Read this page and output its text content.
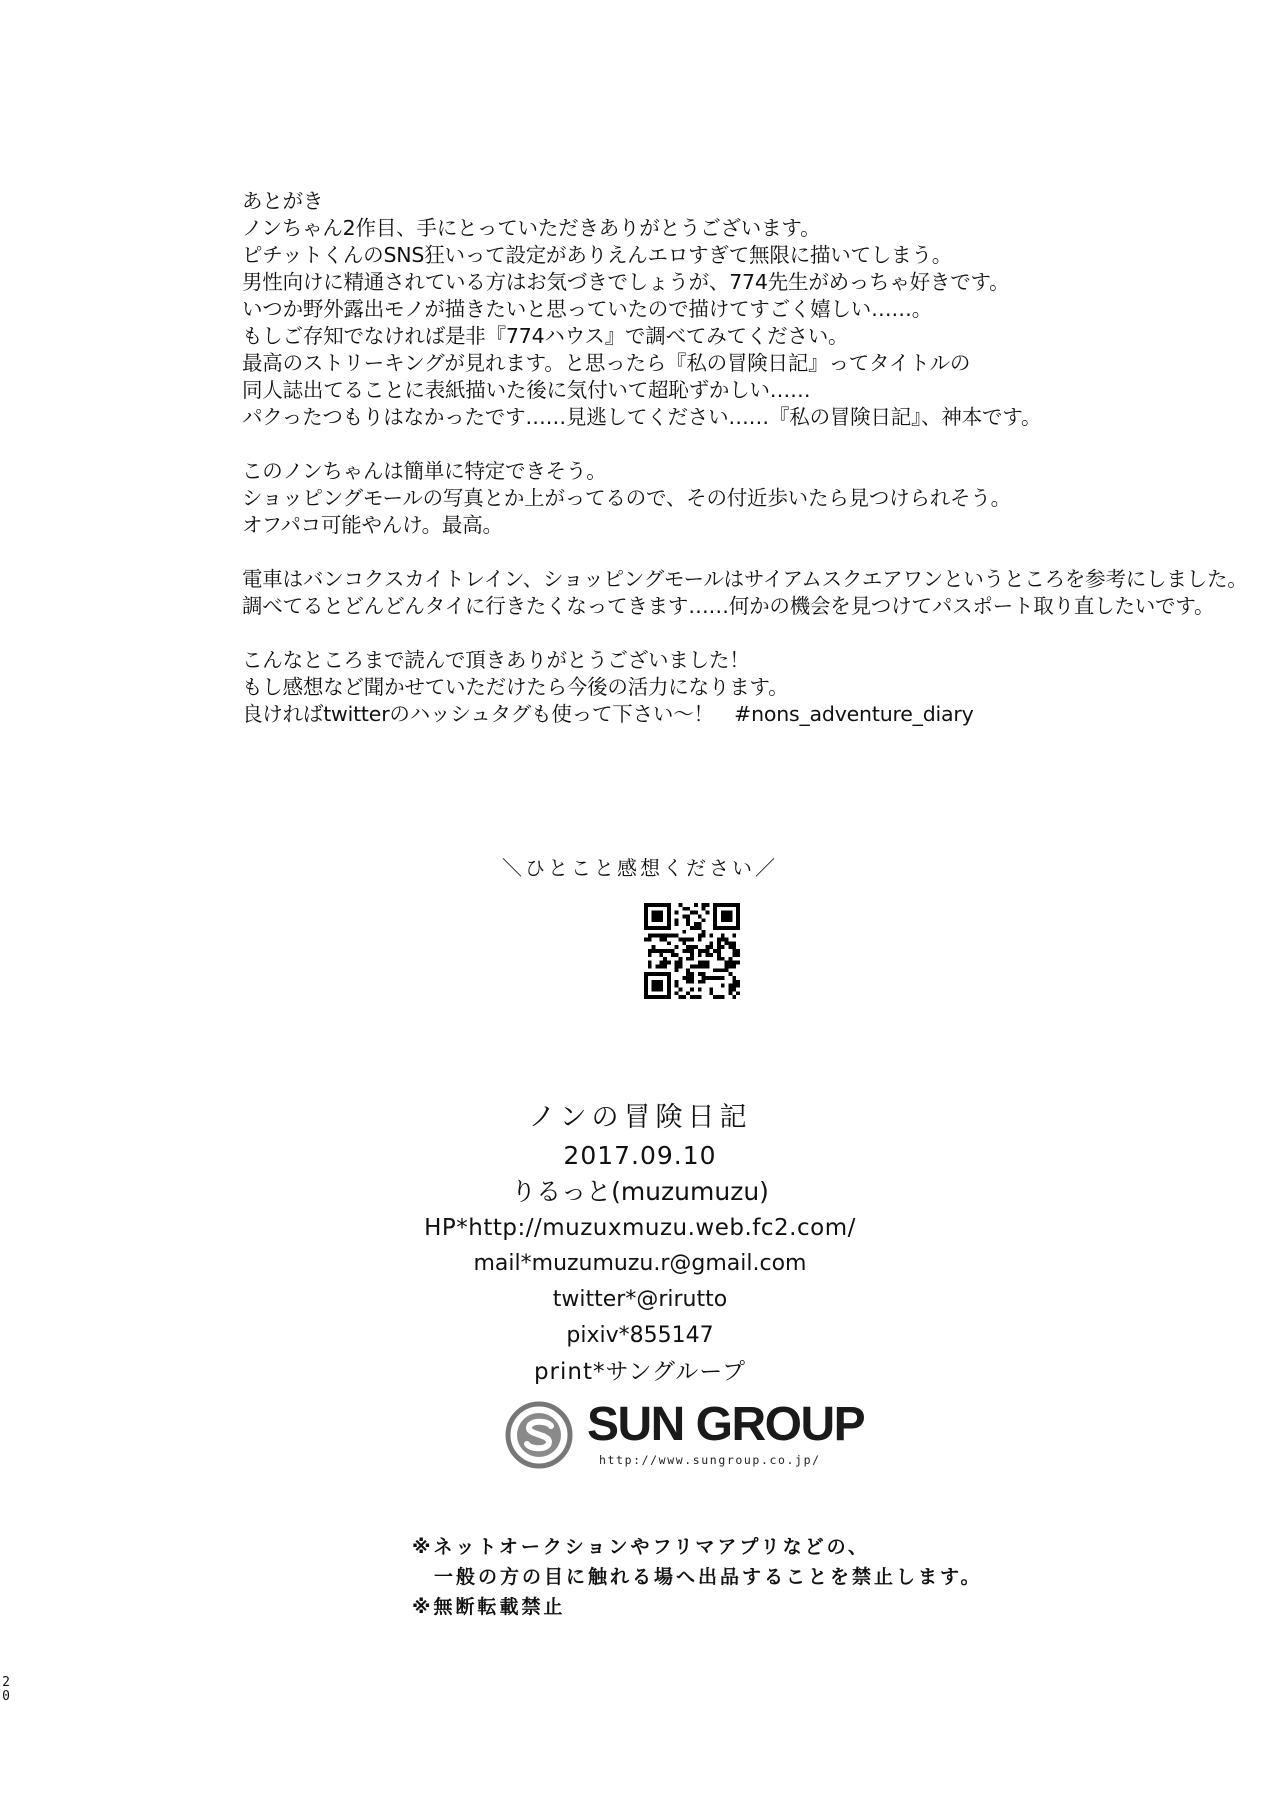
あとがき
ノンちゃん2作目、手にとっていただきありがとうございます。
ピチットくんのSNS狂いって設定がありえんエロすぎて無限に描いてしまう。
男性向けに精通されている方はお気づきでしょうが、774先生がめっちゃ好きです。
いつか野外露出モノが描きたいと思っていたので描けてすごく嬉しい……。
もしご存知でなければ是非『774ハウス』で調べてみてください。
最高のストリーキングが見れます。と思ったら『私の冒険日記』ってタイトルの
同人誌出てることに表紙描いた後に気付いて超恥ずかしい……
パクったつもりはなかったです……見逃してください……『私の冒険日記』、神本です。
このノンちゃんは簡単に特定できそう。
ショッピングモールの写真とか上がってるので、その付近歩いたら見つけられそう。
オフパコ可能やんけ。最高。
電車はバンコクスカイトレイン、ショッピングモールはサイアムスクエアワンというところを参考にしました。
調べてるとどんどんタイに行きたくなってきます……何かの機会を見つけてパスポート取り直したいです。
こんなところまで読んで頂きありがとうございました！
もし感想など聞かせていただけたら今後の活力になります。
良ければtwitterのハッシュタグも使って下さい～！　#nons_adventure_diary
＼ひとこと感想ください／
ノンの冒険日記
2017.09.10
りるっと(muzumuzu)
HP*http://muzuxmuzu.web.fc2.com/
mail*muzumuzu.r@gmail.com
twitter*@rirutto
pixiv*855147
print*サングループ
SUN GROUP
http://www.sungroup.co.jp/
※ネットオークションやフリマアプリなどの、
　一般の方の目に触れる場へ出品することを禁止します。
※無断転載禁止
20
